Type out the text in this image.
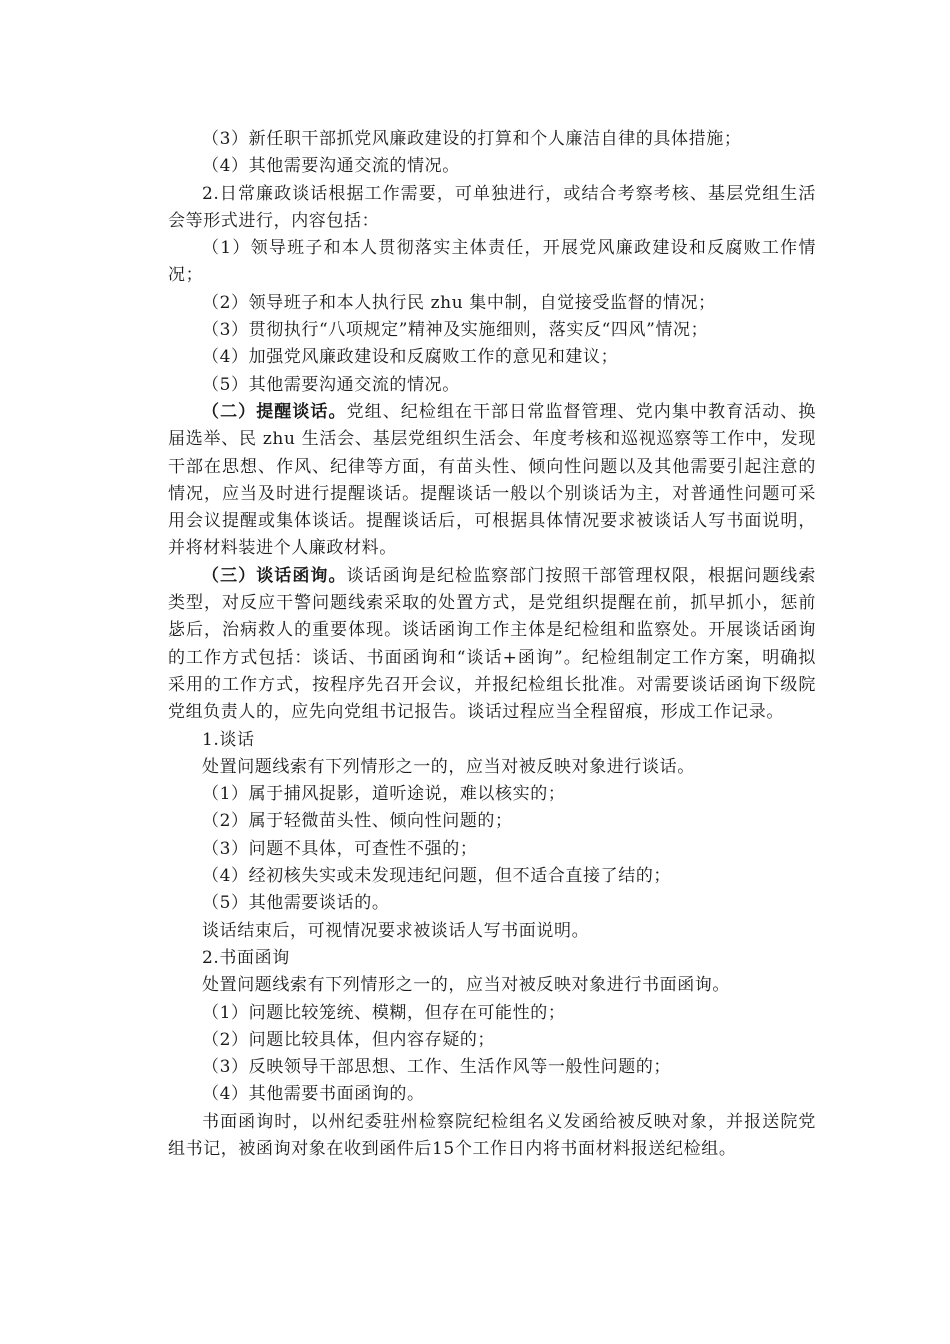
（3）新任职干部抓党风廉政建设的打算和个人廉洁自律的具体措施；

（4）其他需要沟通交流的情况。

2.日常廉政谈话根据工作需要，可单独进行，或结合考察考核、基层党组生活会等形式进行，内容包括：

（1）领导班子和本人贯彻落实主体责任，开展党风廉政建设和反腐败工作情况；

（2）领导班子和本人执行民 zhu 集中制，自觉接受监督的情况；

（3）贯彻执行“八项规定”精神及实施细则，落实反“四风”情况；

（4）加强党风廉政建设和反腐败工作的意见和建议；

（5）其他需要沟通交流的情况。

（二）提醒谈话。党组、纪检组在干部日常监督管理、党内集中教育活动、换届选举、民 zhu 生活会、基层党组织生活会、年度考核和巡视巡察等工作中，发现干部在思想、作风、纪律等方面，有苗头性、倾向性问题以及其他需要引起注意的情况，应当及时进行提醒谈话。提醒谈话一般以个别谈话为主，对普通性问题可采用会议提醒或集体谈话。提醒谈话后，可根据具体情况要求被谈话人写书面说明，并将材料装进个人廉政材料。

（三）谈话函询。谈话函询是纪检监察部门按照干部管理权限，根据问题线索类型，对反应干警问题线索采取的处置方式，是党组织提醒在前，抓早抓小，惩前毖后，治病救人的重要体现。谈话函询工作主体是纪检组和监察处。开展谈话函询的工作方式包括：谈话、书面函询和“谈话+函询”。纪检组制定工作方案，明确拟采用的工作方式，按程序先召开会议，并报纪检组长批准。对需要谈话函询下级院党组负责人的，应先向党组书记报告。谈话过程应当全程留痕，形成工作记录。

1.谈话

处置问题线索有下列情形之一的，应当对被反映对象进行谈话。

（1）属于捕风捉影，道听途说，难以核实的；

（2）属于轻微苗头性、倾向性问题的；

（3）问题不具体，可查性不强的；

（4）经初核失实或未发现违纪问题，但不适合直接了结的；

（5）其他需要谈话的。

谈话结束后，可视情况要求被谈话人写书面说明。

2.书面函询

处置问题线索有下列情形之一的，应当对被反映对象进行书面函询。

（1）问题比较笼统、模糊，但存在可能性的；

（2）问题比较具体，但内容存疑的；

（3）反映领导干部思想、工作、生活作风等一般性问题的；

（4）其他需要书面函询的。

书面函询时，以州纪委驻州检察院纪检组名义发函给被反映对象，并报送院党组书记，被函询对象在收到函件后15个工作日内将书面材料报送纪检组。
